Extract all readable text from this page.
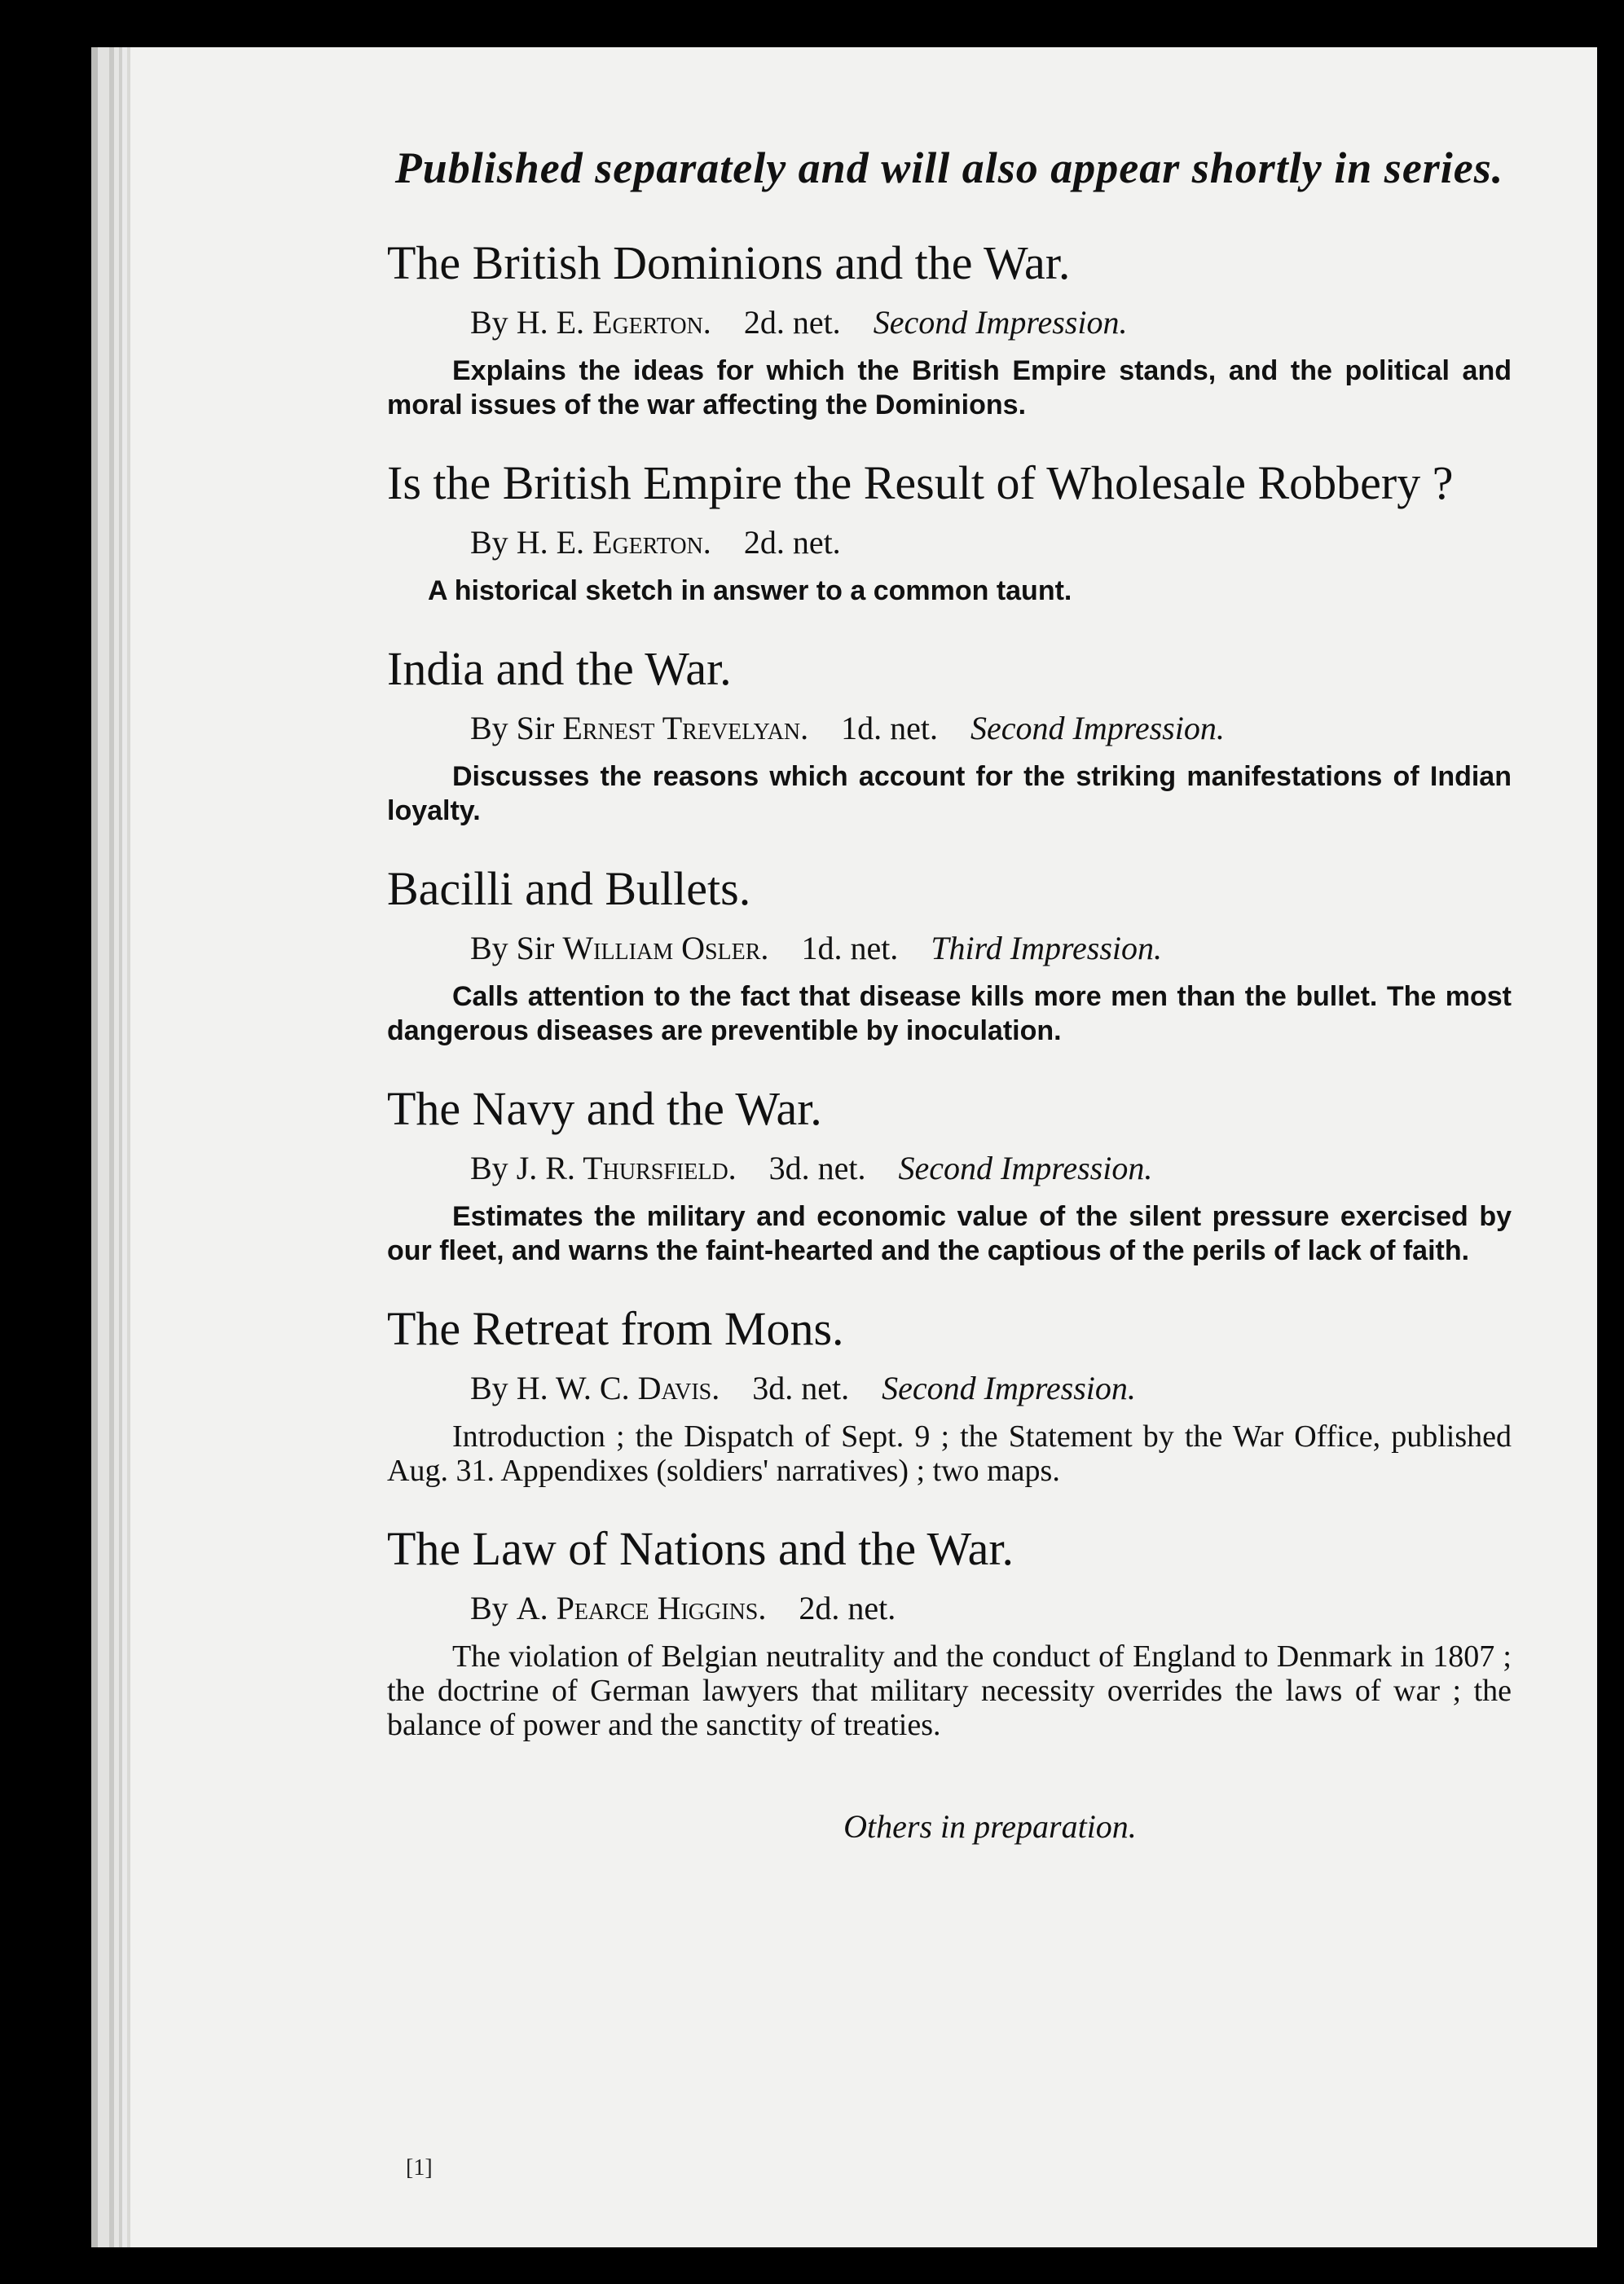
Published separately and will also appear shortly in series.

The British Dominions and the War.

By H. E. Egerton. 2d. net. Second Impression.

Explains the ideas for which the British Empire stands, and the political and moral issues of the war affecting the Dominions.

Is the British Empire the Result of Wholesale Robbery ?

By H. E. Egerton. 2d. net.

A historical sketch in answer to a common taunt.

India and the War.

By Sir Ernest Trevelyan. 1d. net. Second Impression.

Discusses the reasons which account for the striking manifestations of Indian loyalty.

Bacilli and Bullets.

By Sir William Osler. 1d. net. Third Impression.

Calls attention to the fact that disease kills more men than the bullet. The most dangerous diseases are preventible by inoculation.

The Navy and the War.

By J. R. Thursfield. 3d. net. Second Impression.

Estimates the military and economic value of the silent pressure exercised by our fleet, and warns the faint-hearted and the captious of the perils of lack of faith.

The Retreat from Mons.

By H. W. C. Davis. 3d. net. Second Impression.

Introduction ; the Dispatch of Sept. 9 ; the Statement by the War Office, published Aug. 31. Appendixes (soldiers' narratives) ; two maps.

The Law of Nations and the War.

By A. Pearce Higgins. 2d. net.

The violation of Belgian neutrality and the conduct of England to Denmark in 1807 ; the doctrine of German lawyers that military necessity overrides the laws of war ; the balance of power and the sanctity of treaties.

Others in preparation.

[1]
